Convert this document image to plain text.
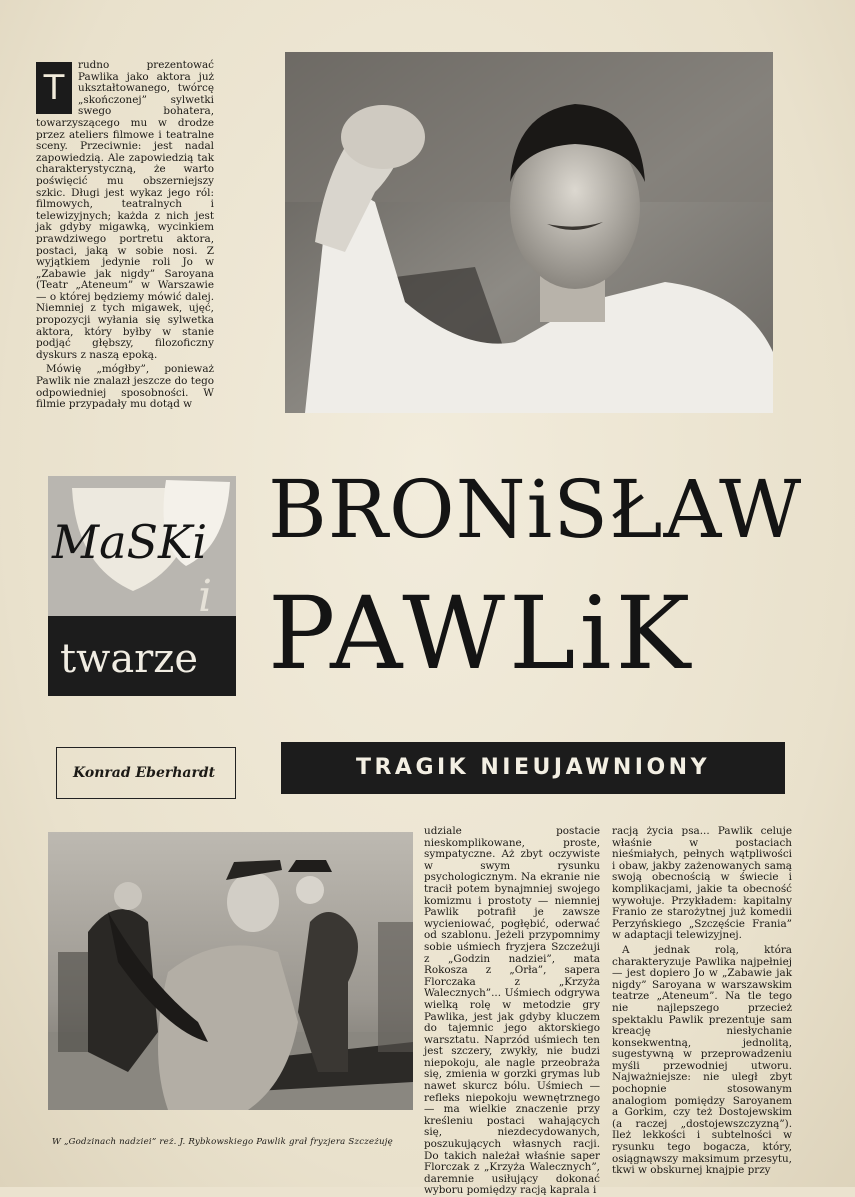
T

rudno prezentować Pawlika jako aktora już ukształtowanego, twórcę „skończonej” sylwetki swego bohatera, towarzyszącego mu w drodze przez ateliers filmowe i teatralne sceny. Przeciwnie: jest nadal zapowiedzią. Ale zapowiedzią tak charakterystyczną, że warto poświęcić mu obszerniejszy szkic. Długi jest wykaz jego ról: filmowych, teatralnych i telewizyjnych; każda z nich jest jak gdyby migawką, wycinkiem prawdziwego portretu aktora, postaci, jaką w sobie nosi. Z wyjątkiem jedynie roli Jo w „Zabawie jak nigdy” Saroyana (Teatr „Ateneum” w Warszawie — o której będziemy mówić dalej. Niemniej z tych migawek, ujęć, propozycji wyłania się sylwetka aktora, który byłby w stanie podjąć głębszy, filozoficzny dyskurs z naszą epoką.

Mówię „mógłby”, ponieważ Pawlik nie znalazł jeszcze do tego odpowiedniej sposobności. W filmie przypadały mu dotąd w

MaSKi
i
twarze
BRONiSŁAW
PAWLiK
Konrad Eberhardt	TRAGIK NIEUJAWNIONY
W „Godzinach nadziei” reż. J. Rybkowskiego Pawlik grał fryzjera Szczeżuję

udziale postacie nieskomplikowane, proste, sympatyczne. Aż zbyt oczywiste w swym rysunku psychologicznym. Na ekranie nie tracił potem bynajmniej swojego komizmu i prostoty — niemniej Pawlik potrafił je zawsze wycieniować, pogłębić, oderwać od szablonu. Jeżeli przypomnimy sobie uśmiech fryzjera Szczeżuji z „Godzin nadziei”, mata Rokosza z „Orła”, sapera Florczaka z „Krzyża Walecznych”... Uśmiech odgrywa wielką rolę w metodzie gry Pawlika, jest jak gdyby kluczem do tajemnic jego aktorskiego warsztatu. Naprzód uśmiech ten jest szczery, zwykły, nie budzi niepokoju, ale nagle przeobraża się, zmienia w gorzki grymas lub nawet skurcz bólu. Uśmiech — refleks niepokoju wewnętrznego — ma wielkie znaczenie przy kreśleniu postaci wahających się, niezdecydowanych, poszukujących własnych racji. Do takich należał właśnie saper Florczak z „Krzyża Walecznych”, daremnie usiłujący dokonać wyboru pomiędzy racją kaprala i

racją życia psa... Pawlik celuje właśnie w postaciach nieśmiałych, pełnych wątpliwości i obaw, jakby zażenowanych samą swoją obecnością w świecie i komplikacjami, jakie ta obecność wywołuje. Przykładem: kapitalny Franio ze starożytnej już komedii Perzyńskiego „Szczęście Frania” w adaptacji telewizyjnej.

A jednak rolą, która charakteryzuje Pawlika najpełniej — jest dopiero Jo w „Zabawie jak nigdy” Saroyana w warszawskim teatrze „Ateneum”. Na tle tego nie najlepszego przecież spektaklu Pawlik prezentuje sam kreację niesłychanie konsekwentną, jednolitą, sugestywną w przeprowadzeniu myśli przewodniej utworu. Najważniejsze: nie uległ zbyt pochopnie stosowanym analogiom pomiędzy Saroyanem a Gorkim, czy też Dostojewskim (a raczej „dostojewszczyzną”). Ileż lekkości i subtelności w rysunku tego bogacza, który, osiągnąwszy maksimum przesytu, tkwi w obskurnej knajpie przy
